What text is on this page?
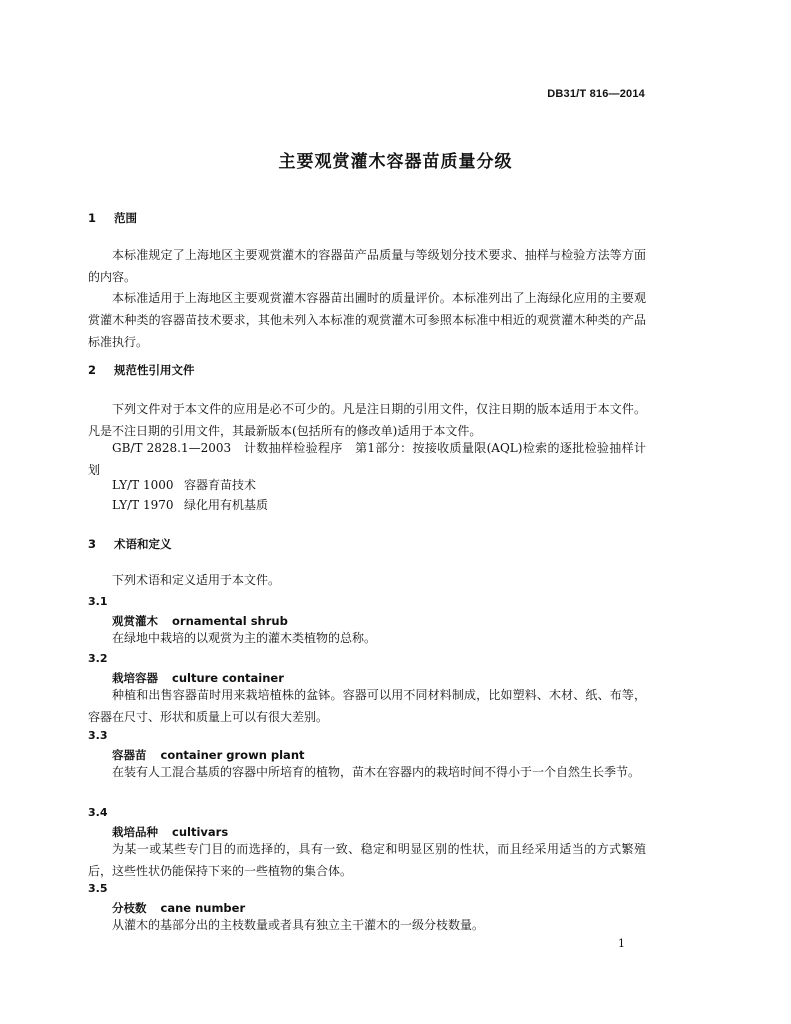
DB31/T 816—2014
主要观赏灌木容器苗质量分级
1 范围
本标准规定了上海地区主要观赏灌木的容器苗产品质量与等级划分技术要求、抽样与检验方法等方面的内容。
本标准适用于上海地区主要观赏灌木容器苗出圃时的质量评价。本标准列出了上海绿化应用的主要观赏灌木种类的容器苗技术要求，其他未列入本标准的观赏灌木可参照本标准中相近的观赏灌木种类的产品标准执行。
2 规范性引用文件
下列文件对于本文件的应用是必不可少的。凡是注日期的引用文件，仅注日期的版本适用于本文件。凡是不注日期的引用文件，其最新版本(包括所有的修改单)适用于本文件。
GB/T 2828.1—2003　 计数抽样检验程序　第1部分：按接收质量限(AQL)检索的逐批检验抽样计划
LY/T 1000 容器育苗技术
LY/T 1970 绿化用有机基质
3 术语和定义
下列术语和定义适用于本文件。
3.1
观赏灌木 ornamental shrub
在绿地中栽培的以观赏为主的灌木类植物的总称。
3.2
栽培容器 culture container
种植和出售容器苗时用来栽培植株的盆钵。容器可以用不同材料制成，比如塑料、木材、纸、布等，容器在尺寸、形状和质量上可以有很大差别。
3.3
容器苗 container grown plant
在装有人工混合基质的容器中所培育的植物，苗木在容器内的栽培时间不得小于一个自然生长季节。
3.4
栽培品种 cultivars
为某一或某些专门目的而选择的，具有一致、稳定和明显区别的性状，而且经采用适当的方式繁殖后，这些性状仍能保持下来的一些植物的集合体。
3.5
分枝数 cane number
从灌木的基部分出的主枝数量或者具有独立主干灌木的一级分枝数量。
1
